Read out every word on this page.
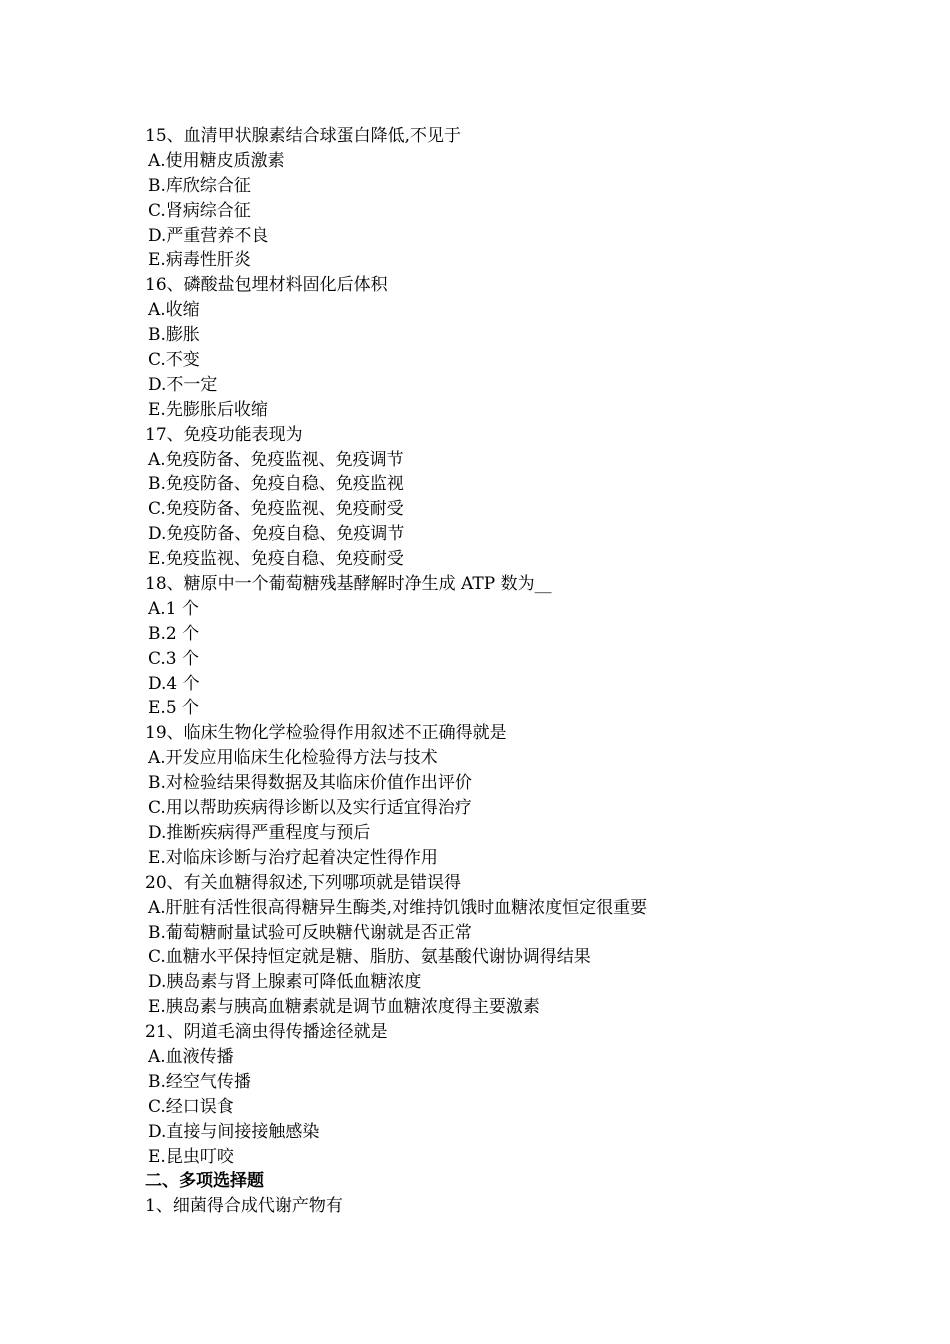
15、血清甲状腺素结合球蛋白降低,不见于
A.使用糖皮质激素
B.库欣综合征
C.肾病综合征
D.严重营养不良
E.病毒性肝炎
16、磷酸盐包埋材料固化后体积
A.收缩
B.膨胀
C.不变
D.不一定
E.先膨胀后收缩
17、免疫功能表现为
A.免疫防备、免疫监视、免疫调节
B.免疫防备、免疫自稳、免疫监视
C.免疫防备、免疫监视、免疫耐受
D.免疫防备、免疫自稳、免疫调节
E.免疫监视、免疫自稳、免疫耐受
18、糖原中一个葡萄糖残基酵解时净生成 ATP 数为__
A.1 个
B.2 个
C.3 个
D.4 个
E.5 个
19、临床生物化学检验得作用叙述不正确得就是
A.开发应用临床生化检验得方法与技术
B.对检验结果得数据及其临床价值作出评价
C.用以帮助疾病得诊断以及实行适宜得治疗
D.推断疾病得严重程度与预后
E.对临床诊断与治疗起着决定性得作用
20、有关血糖得叙述,下列哪项就是错误得
A.肝脏有活性很高得糖异生酶类,对维持饥饿时血糖浓度恒定很重要
B.葡萄糖耐量试验可反映糖代谢就是否正常
C.血糖水平保持恒定就是糖、脂肪、氨基酸代谢协调得结果
D.胰岛素与肾上腺素可降低血糖浓度
E.胰岛素与胰高血糖素就是调节血糖浓度得主要激素
21、阴道毛滴虫得传播途径就是
A.血液传播
B.经空气传播
C.经口误食
D.直接与间接接触感染
E.昆虫叮咬
二、多项选择题
1、细菌得合成代谢产物有
